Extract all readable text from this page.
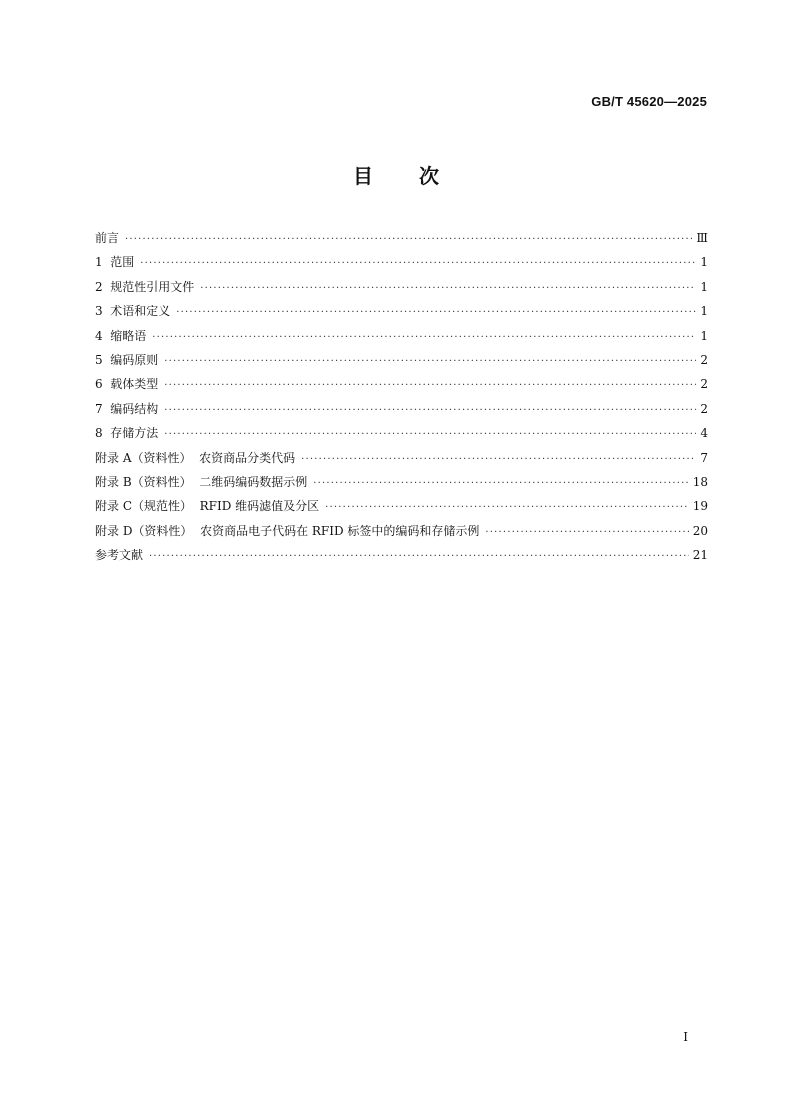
GB/T 45620—2025
目次
前言 ·····	Ⅲ
1  范围 ·····	1
2  规范性引用文件 ·····	1
3  术语和定义 ·····	1
4  缩略语 ·····	1
5  编码原则 ·····	2
6  载体类型 ·····	2
7  编码结构 ·····	2
8  存储方法 ·····	4
附录 A（资料性）  农资商品分类代码 ·····	7
附录 B（资料性）  二维码编码数据示例 ·····	18
附录 C（规范性）  RFID 维码滤值及分区 ·····	19
附录 D（资料性）  农资商品电子代码在 RFID 标签中的编码和存储示例 ·····	20
参考文献 ·····	21
I
